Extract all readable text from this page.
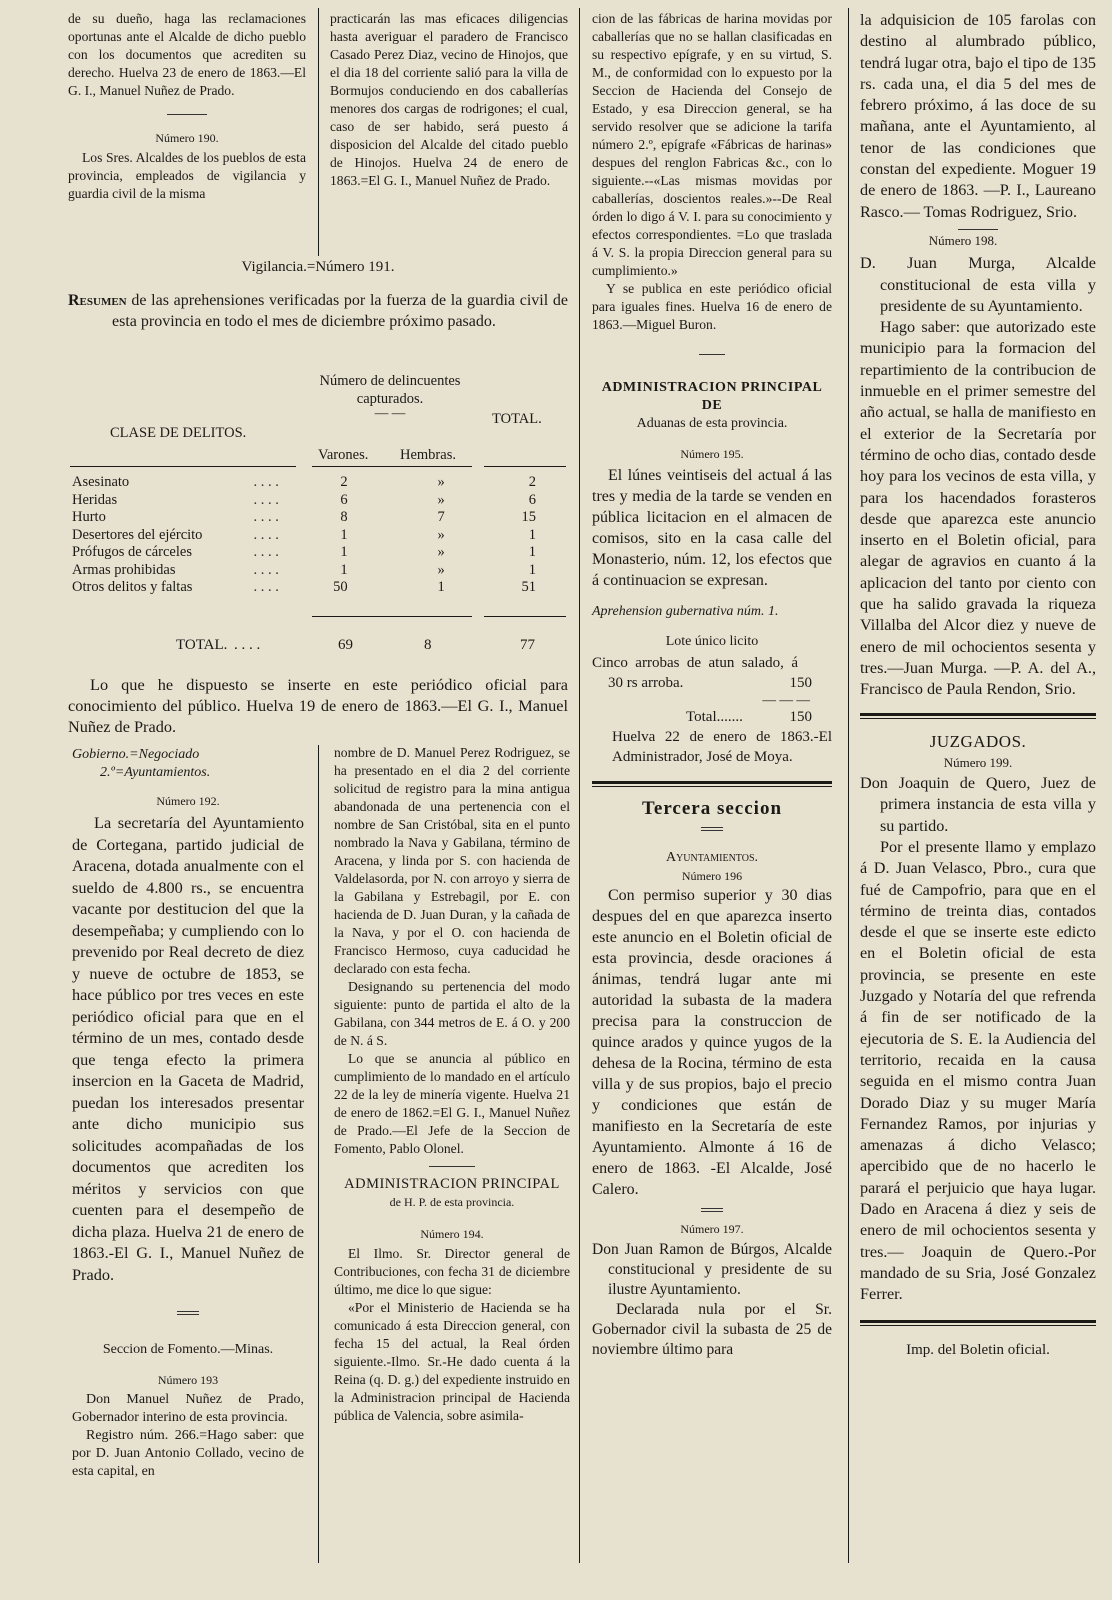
de su dueño, haga las reclamaciones oportunas ante el Alcalde de dicho pueblo con los documentos que acrediten su derecho. Huelva 23 de enero de 1863.—El G. I., Manuel Nuñez de Prado.

Número 190.

Los Sres. Alcaldes de los pueblos de esta provincia, empleados de vigilancia y guardia civil de la misma

practicarán las mas eficaces diligencias hasta averiguar el paradero de Francisco Casado Perez Diaz, vecino de Hinojos, que el dia 18 del corriente salió para la villa de Bormujos conduciendo en dos caballerías menores dos cargas de rodrigones; el cual, caso de ser habido, será puesto á disposicion del Alcalde del citado pueblo de Hinojos. Huelva 24 de enero de 1863.=El G. I., Manuel Nuñez de Prado.

Vigilancia.=Número 191.

Resumen de las aprehensiones verificadas por la fuerza de la guardia civil de esta provincia en todo el mes de diciembre próximo pasado.

Número de delincuentes capturados.
— —
CLASE DE DELITOS.
TOTAL.
Varones.	Hembras.
Asesinato	. . . .	2	»	2
Heridas	. . . .	6	»	6
Hurto	. . . .	8	7	15
Desertores del ejército	. . . .	1	»	1
Prófugos de cárceles	. . . .	1	»	1
Armas prohibidas	. . . .	1	»	1
Otros delitos y faltas	. . . .	50	1	51
TOTAL. . . . .	69	8	77

Lo que he dispuesto se inserte en este periódico oficial para conocimiento del público. Huelva 19 de enero de 1863.—El G. I., Manuel Nuñez de Prado.

Gobierno.=Negociado 2.º=Ayuntamientos.

Número 192.

La secretaría del Ayuntamiento de Cortegana, partido judicial de Aracena, dotada anualmente con el sueldo de 4.800 rs., se encuentra vacante por destitucion del que la desempeñaba; y cumpliendo con lo prevenido por Real decreto de diez y nueve de octubre de 1853, se hace público por tres veces en este periódico oficial para que en el término de un mes, contado desde que tenga efecto la primera insercion en la Gaceta de Madrid, puedan los interesados presentar ante dicho municipio sus solicitudes acompañadas de los documentos que acrediten los méritos y servicios con que cuenten para el desempeño de dicha plaza. Huelva 21 de enero de 1863.-El G. I., Manuel Nuñez de Prado.

Seccion de Fomento.—Minas.

Número 193

Don Manuel Nuñez de Prado, Gobernador interino de esta provincia.

Registro núm. 266.=Hago saber: que por D. Juan Antonio Collado, vecino de esta capital, en

nombre de D. Manuel Perez Rodriguez, se ha presentado en el dia 2 del corriente solicitud de registro para la mina antigua abandonada de una pertenencia con el nombre de San Cristóbal, sita en el punto nombrado la Nava y Gabilana, término de Aracena, y linda por S. con hacienda de Valdelasorda, por N. con arroyo y sierra de la Gabilana y Estrebagil, por E. con hacienda de D. Juan Duran, y la cañada de la Nava, y por el O. con hacienda de Francisco Hermoso, cuya caducidad he declarado con esta fecha.

Designando su pertenencia del modo siguiente: punto de partida el alto de la Gabilana, con 344 metros de E. á O. y 200 de N. á S.

Lo que se anuncia al público en cumplimiento de lo mandado en el artículo 22 de la ley de minería vigente. Huelva 21 de enero de 1862.=El G. I., Manuel Nuñez de Prado.—El Jefe de la Seccion de Fomento, Pablo Olonel.

ADMINISTRACION PRINCIPAL
de H. P. de esta provincia.
Número 194.

El Ilmo. Sr. Director general de Contribuciones, con fecha 31 de diciembre último, me dice lo que sigue:

«Por el Ministerio de Hacienda se ha comunicado á esta Direccion general, con fecha 15 del actual, la Real órden siguiente.-Ilmo. Sr.-He dado cuenta á la Reina (q. D. g.) del expediente instruido en la Administracion principal de Hacienda pública de Valencia, sobre asimila-

cion de las fábricas de harina movidas por caballerías que no se hallan clasificadas en su respectivo epígrafe, y en su virtud, S. M., de conformidad con lo expuesto por la Seccion de Hacienda del Consejo de Estado, y esa Direccion general, se ha servido resolver que se adicione la tarifa número 2.º, epígrafe «Fábricas de harinas» despues del renglon Fabricas &c., con lo siguiente.--«Las mismas movidas por caballerías, doscientos reales.»--De Real órden lo digo á V. I. para su conocimiento y efectos correspondientes. =Lo que traslada á V. S. la propia Direccion general para su cumplimiento.»

Y se publica en este periódico oficial para iguales fines. Huelva 16 de enero de 1863.—Miguel Buron.

ADMINISTRACION PRINCIPAL DE
Aduanas de esta provincia.
Número 195.

El lúnes veintiseis del actual á las tres y media de la tarde se venden en pública licitacion en el almacen de comisos, sito en la casa calle del Monasterio, núm. 12, los efectos que á continuacion se expresan.

Aprehension gubernativa núm. 1.

Lote único licito
Cinco arrobas de atun salado, á 30 rs arroba.	150
— — —
Total.......	150

Huelva 22 de enero de 1863.-El Administrador, José de Moya.

Tercera seccion
Ayuntamientos.
Número 196

Con permiso superior y 30 dias despues del en que aparezca inserto este anuncio en el Boletin oficial de esta provincia, desde oraciones á ánimas, tendrá lugar ante mi autoridad la subasta de la madera precisa para la construccion de quince arados y quince yugos de la dehesa de la Rocina, término de esta villa y de sus propios, bajo el precio y condiciones que están de manifiesto en la Secretaría de este Ayuntamiento. Almonte á 16 de enero de 1863. -El Alcalde, José Calero.

Número 197.

Don Juan Ramon de Búrgos, Alcalde constitucional y presidente de su ilustre Ayuntamiento.

Declarada nula por el Sr. Gobernador civil la subasta de 25 de noviembre último para

la adquisicion de 105 farolas con destino al alumbrado público, tendrá lugar otra, bajo el tipo de 135 rs. cada una, el dia 5 del mes de febrero próximo, á las doce de su mañana, ante el Ayuntamiento, al tenor de las condiciones que constan del expediente. Moguer 19 de enero de 1863. —P. I., Laureano Rasco.— Tomas Rodriguez, Srio.

Número 198.

D. Juan Murga, Alcalde constitucional de esta villa y presidente de su Ayuntamiento.

Hago saber: que autorizado este municipio para la formacion del repartimiento de la contribucion de inmueble en el primer semestre del año actual, se halla de manifiesto en el exterior de la Secretaría por término de ocho dias, contado desde hoy para los vecinos de esta villa, y para los hacendados forasteros desde que aparezca este anuncio inserto en el Boletin oficial, para alegar de agravios en cuanto á la aplicacion del tanto por ciento con que ha salido gravada la riqueza Villalba del Alcor diez y nueve de enero de mil ochocientos sesenta y tres.—Juan Murga. —P. A. del A., Francisco de Paula Rendon, Srio.

JUZGADOS.
Número 199.

Don Joaquin de Quero, Juez de primera instancia de esta villa y su partido.

Por el presente llamo y emplazo á D. Juan Velasco, Pbro., cura que fué de Campofrio, para que en el término de treinta dias, contados desde el que se inserte este edicto en el Boletin oficial de esta provincia, se presente en este Juzgado y Notaría del que refrenda á fin de ser notificado de la ejecutoria de S. E. la Audiencia del territorio, recaida en la causa seguida en el mismo contra Juan Dorado Diaz y su muger María Fernandez Ramos, por injurias y amenazas á dicho Velasco; apercibido que de no hacerlo le parará el perjuicio que haya lugar. Dado en Aracena á diez y seis de enero de mil ochocientos sesenta y tres.— Joaquin de Quero.-Por mandado de su Sria, José Gonzalez Ferrer.

Imp. del Boletin oficial.
